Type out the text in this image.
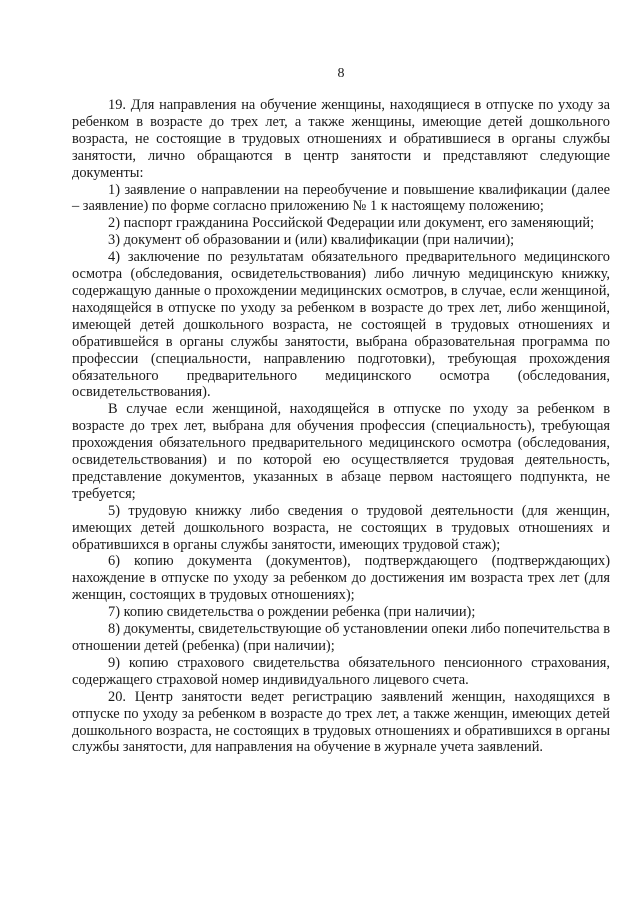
8

19. Для направления на обучение женщины, находящиеся в отпуске по уходу за ребенком в возрасте до трех лет, а также женщины, имеющие детей дошкольного возраста, не состоящие в трудовых отношениях и обратившиеся в органы службы занятости, лично обращаются в центр занятости и представляют следующие документы:

1) заявление о направлении на переобучение и повышение квалификации (далее – заявление) по форме согласно приложению № 1 к настоящему положению;

2) паспорт гражданина Российской Федерации или документ, его заменяющий;

3) документ об образовании и (или) квалификации (при наличии);

4) заключение по результатам обязательного предварительного медицинского осмотра (обследования, освидетельствования) либо личную медицинскую книжку, содержащую данные о прохождении медицинских осмотров, в случае, если женщиной, находящейся в отпуске по уходу за ребенком в возрасте до трех лет, либо женщиной, имеющей детей дошкольного возраста, не состоящей в трудовых отношениях и обратившейся в органы службы занятости, выбрана образовательная программа по профессии (специальности, направлению подготовки), требующая прохождения обязательного предварительного медицинского осмотра (обследования, освидетельствования).

В случае если женщиной, находящейся в отпуске по уходу за ребенком в возрасте до трех лет, выбрана для обучения профессия (специальность), требующая прохождения обязательного предварительного медицинского осмотра (обследования, освидетельствования) и по которой ею осуществляется трудовая деятельность, представление документов, указанных в абзаце первом настоящего подпункта, не требуется;

5) трудовую книжку либо сведения о трудовой деятельности (для женщин, имеющих детей дошкольного возраста, не состоящих в трудовых отношениях и обратившихся в органы службы занятости, имеющих трудовой стаж);

6) копию документа (документов), подтверждающего (подтверждающих) нахождение в отпуске по уходу за ребенком до достижения им возраста трех лет (для женщин, состоящих в трудовых отношениях);

7) копию свидетельства о рождении ребенка (при наличии);

8) документы, свидетельствующие об установлении опеки либо попечительства в отношении детей (ребенка) (при наличии);

9) копию страхового свидетельства обязательного пенсионного страхования, содержащего страховой номер индивидуального лицевого счета.

20. Центр занятости ведет регистрацию заявлений женщин, находящихся в отпуске по уходу за ребенком в возрасте до трех лет, а также женщин, имеющих детей дошкольного возраста, не состоящих в трудовых отношениях и обратившихся в органы службы занятости, для направления на обучение в журнале учета заявлений.
